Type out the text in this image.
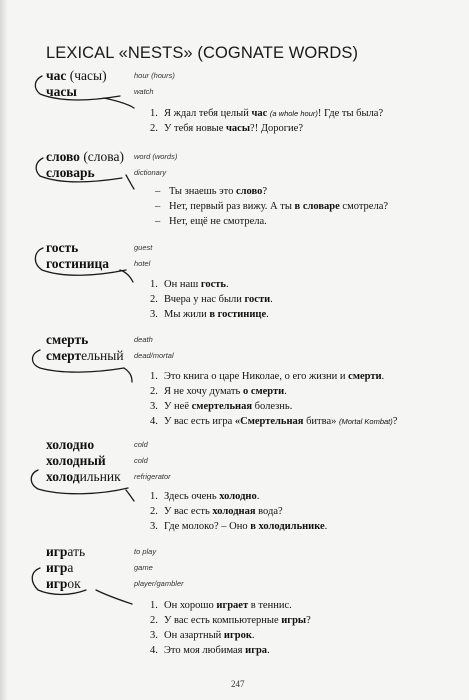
LEXICAL «NESTS» (COGNATE WORDS)
час (часы)	hour (hours)
часы	watch
1. Я ждал тебя целый час (a whole hour)! Где ты была?
2. У тебя новые часы?! Дорогие?
слово (слова) word (words)
словарь	dictionary
– Ты знаешь это слово?
– Нет, первый раз вижу. А ты в словаре смотрела?
– Нет, ещё не смотрела.
гость	guest
гостиница	hotel
1. Он наш гость.
2. Вчера у нас были гости.
3. Мы жили в гостинице.
смерть	death
смертельный dead/mortal
1. Это книга о царе Николае, о его жизни и смерти.
2. Я не хочу думать о смерти.
3. У неё смертельная болезнь.
4. У вас есть игра «Смертельная битва» (Mortal Kombat)?
холодно	cold
холодный	cold
холодильник refrigerator
1. Здесь очень холодно.
2. У вас есть холодная вода?
3. Где молоко? – Оно в холодильнике.
играть	to play
игра	game
игрок	player/gambler
1. Он хорошо играет в теннис.
2. У вас есть компьютерные игры?
3. Он азартный игрок.
4. Это моя любимая игра.
247
